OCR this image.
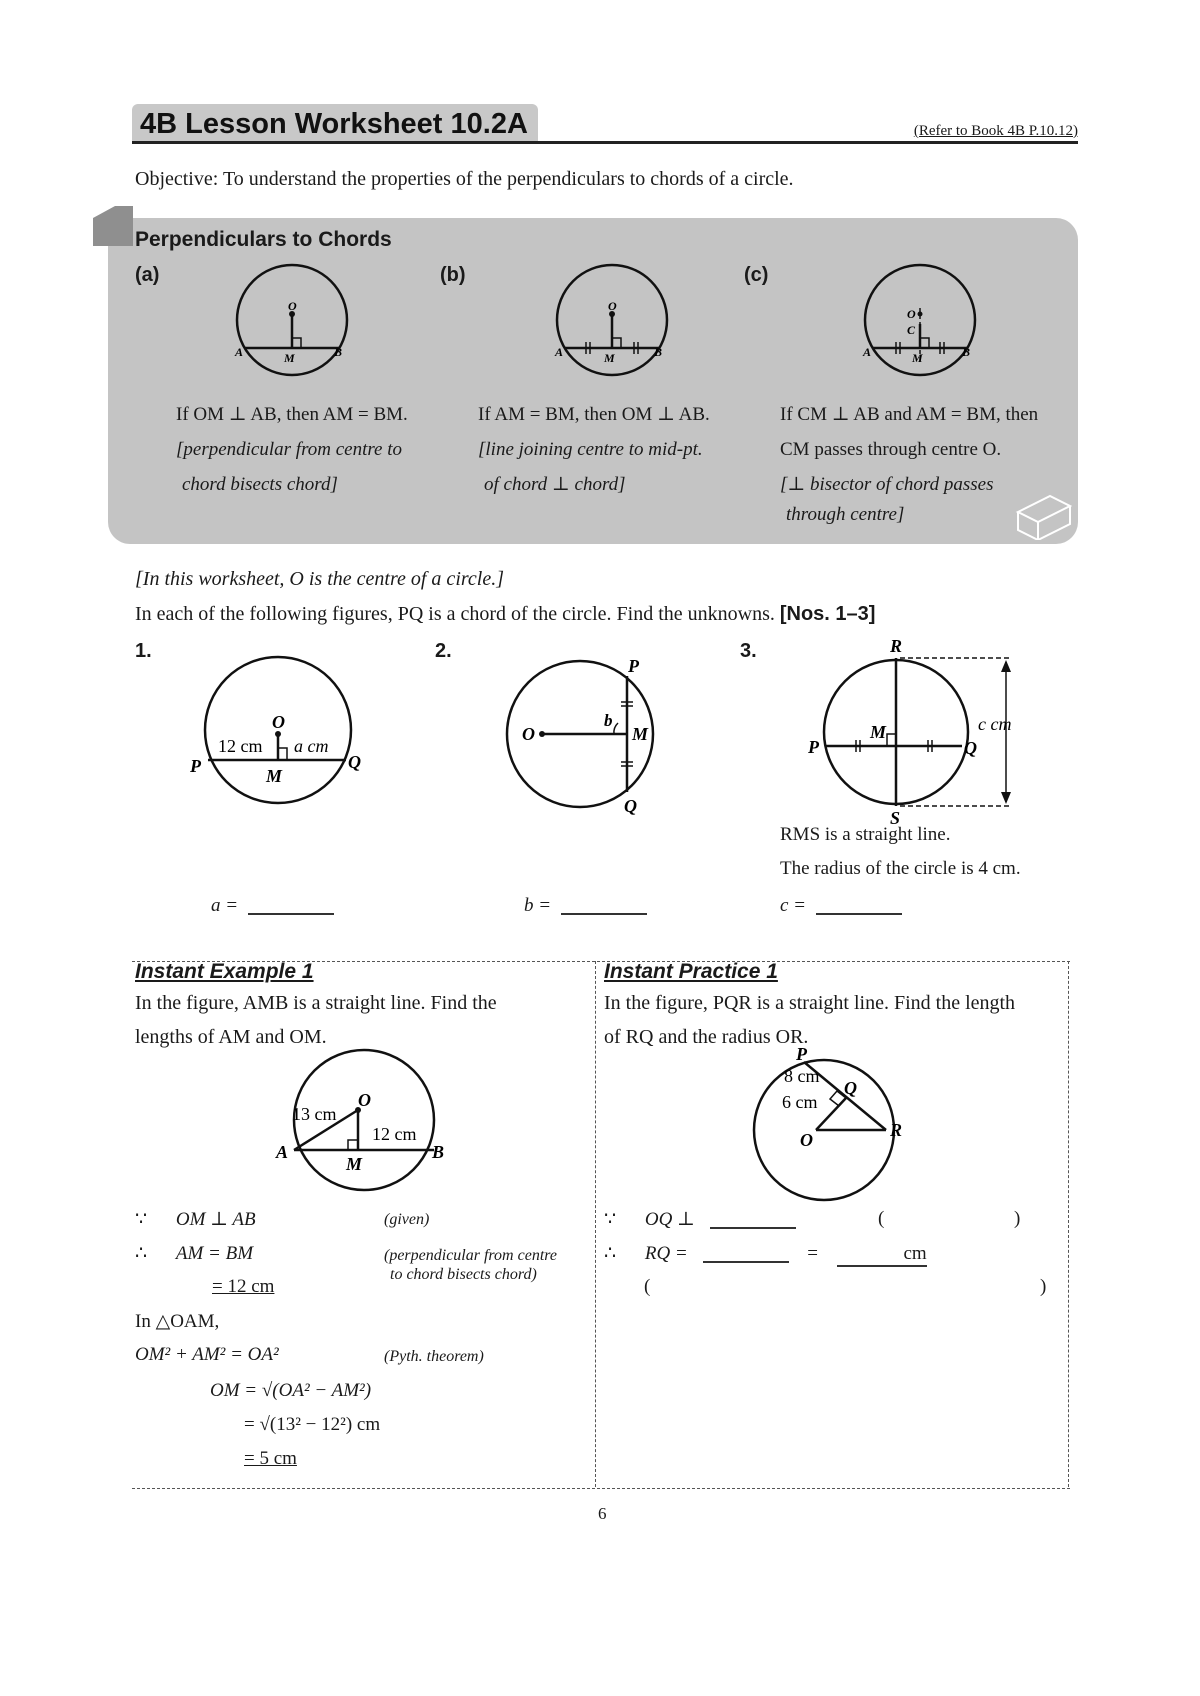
4B Lesson Worksheet 10.2A	(Refer to Book 4B P.10.12)
Objective: To understand the properties of the perpendiculars to chords of a circle.
Perpendiculars to Chords
(a)	(b)	(c)
O
A	B
M
O
A	B
M
O
C
A	B
M
If OM ⊥ AB, then AM = BM.
[perpendicular from centre to
chord bisects chord]
If AM = BM, then OM ⊥ AB.
[line joining centre to mid-pt.
of chord ⊥ chord]
If CM ⊥ AB and AM = BM, then
CM passes through centre O.
[⊥ bisector of chord passes
through centre]
[In this worksheet, O is the centre of a circle.]
In each of the following figures, PQ is a chord of the circle. Find the unknowns. [Nos. 1–3]
1.	2.	3.
O
P	Q
M
12 cm a cm
O
P
Q
M
b
R
S
P	Q
M	c cm
RMS is a straight line.
The radius of the circle is 4 cm.
a =	b =	c =
Instant Example 1
In the figure, AMB is a straight line. Find the
lengths of AM and OM.
O
A	B
M
13 cm
12 cm
∵ OM ⊥ AB	(given)
∴ AM = BM	(perpendicular from centre
to chord bisects chord)
= 12 cm
In △OAM,
OM² + AM² = OA²	(Pyth. theorem)
OM = √(OA² − AM²)
= √(13² − 12²) cm
= 5 cm
Instant Practice 1
In the figure, PQR is a straight line. Find the length
of RQ and the radius OR.
P
Q
R
O
8 cm
6 cm
∵ OQ ⊥	(	)
∴ RQ =	=	cm
(	)
6
